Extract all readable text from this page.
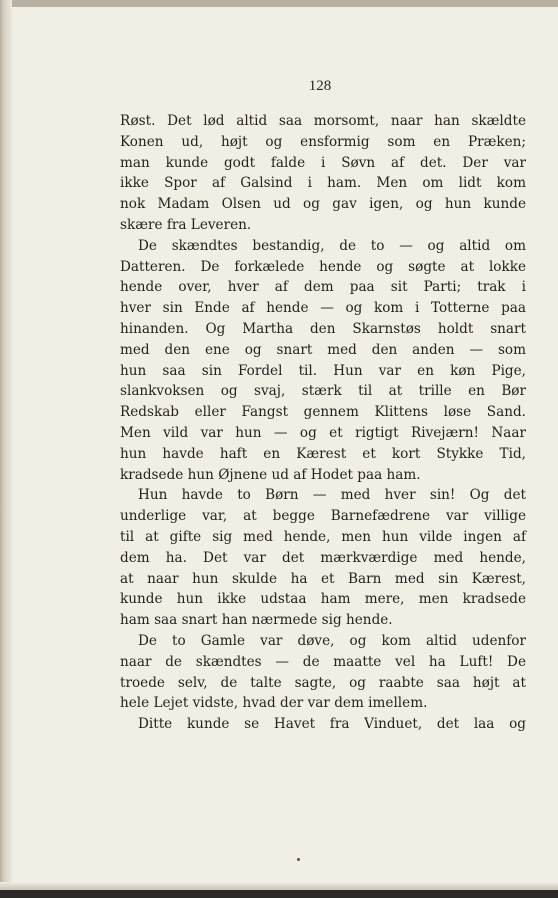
128
Røst. Det lød altid saa morsomt, naar han skældte
Konen ud, højt og ensformig som en Præken;
man kunde godt falde i Søvn af det. Der var
ikke Spor af Galsind i ham. Men om lidt kom
nok Madam Olsen ud og gav igen, og hun kunde
skære fra Leveren.
De skændtes bestandig, de to — og altid om
Datteren. De forkælede hende og søgte at lokke
hende over, hver af dem paa sit Parti; trak i
hver sin Ende af hende — og kom i Totterne paa
hinanden. Og Martha den Skarnstøs holdt snart
med den ene og snart med den anden — som
hun saa sin Fordel til. Hun var en køn Pige,
slankvoksen og svaj, stærk til at trille en Bør
Redskab eller Fangst gennem Klittens løse Sand.
Men vild var hun — og et rigtigt Rivejærn! Naar
hun havde haft en Kærest et kort Stykke Tid,
kradsede hun Øjnene ud af Hodet paa ham.
Hun havde to Børn — med hver sin! Og det
underlige var, at begge Barnefædrene var villige
til at gifte sig med hende, men hun vilde ingen af
dem ha. Det var det mærkværdige med hende,
at naar hun skulde ha et Barn med sin Kærest,
kunde hun ikke udstaa ham mere, men kradsede
ham saa snart han nærmede sig hende.
De to Gamle var døve, og kom altid udenfor
naar de skændtes — de maatte vel ha Luft! De
troede selv, de talte sagte, og raabte saa højt at
hele Lejet vidste, hvad der var dem imellem.
Ditte kunde se Havet fra Vinduet, det laa og
